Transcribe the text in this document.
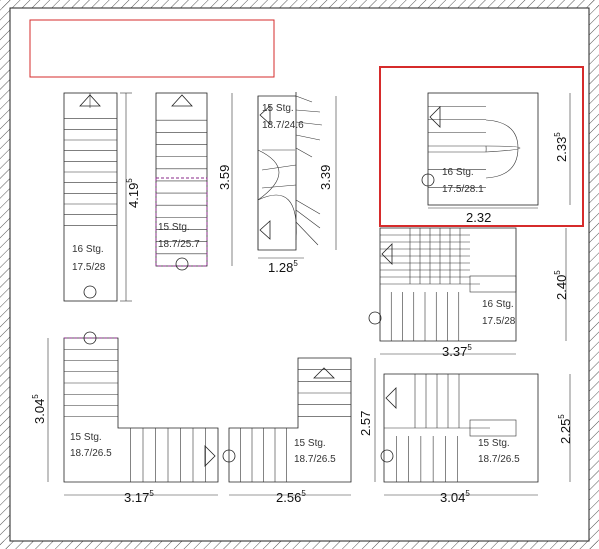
16 Stg.
17.5/28
4.19$^5$
15 Stg.
18.7/25.7
3.59
15 Stg.
18.7/24.6
3.39
1.28$^5$
16 Stg.
17.5/28.1
2.33$^5$
2.32
16 Stg.
17.5/28
2.40$^5$
3.37$^5$
15 Stg.
18.7/26.5
3.04$^5$
3.17$^5$
15 Stg.
18.7/26.5
2.57
2.56$^5$
15 Stg.
18.7/26.5
2.25$^5$
3.04$^5$
